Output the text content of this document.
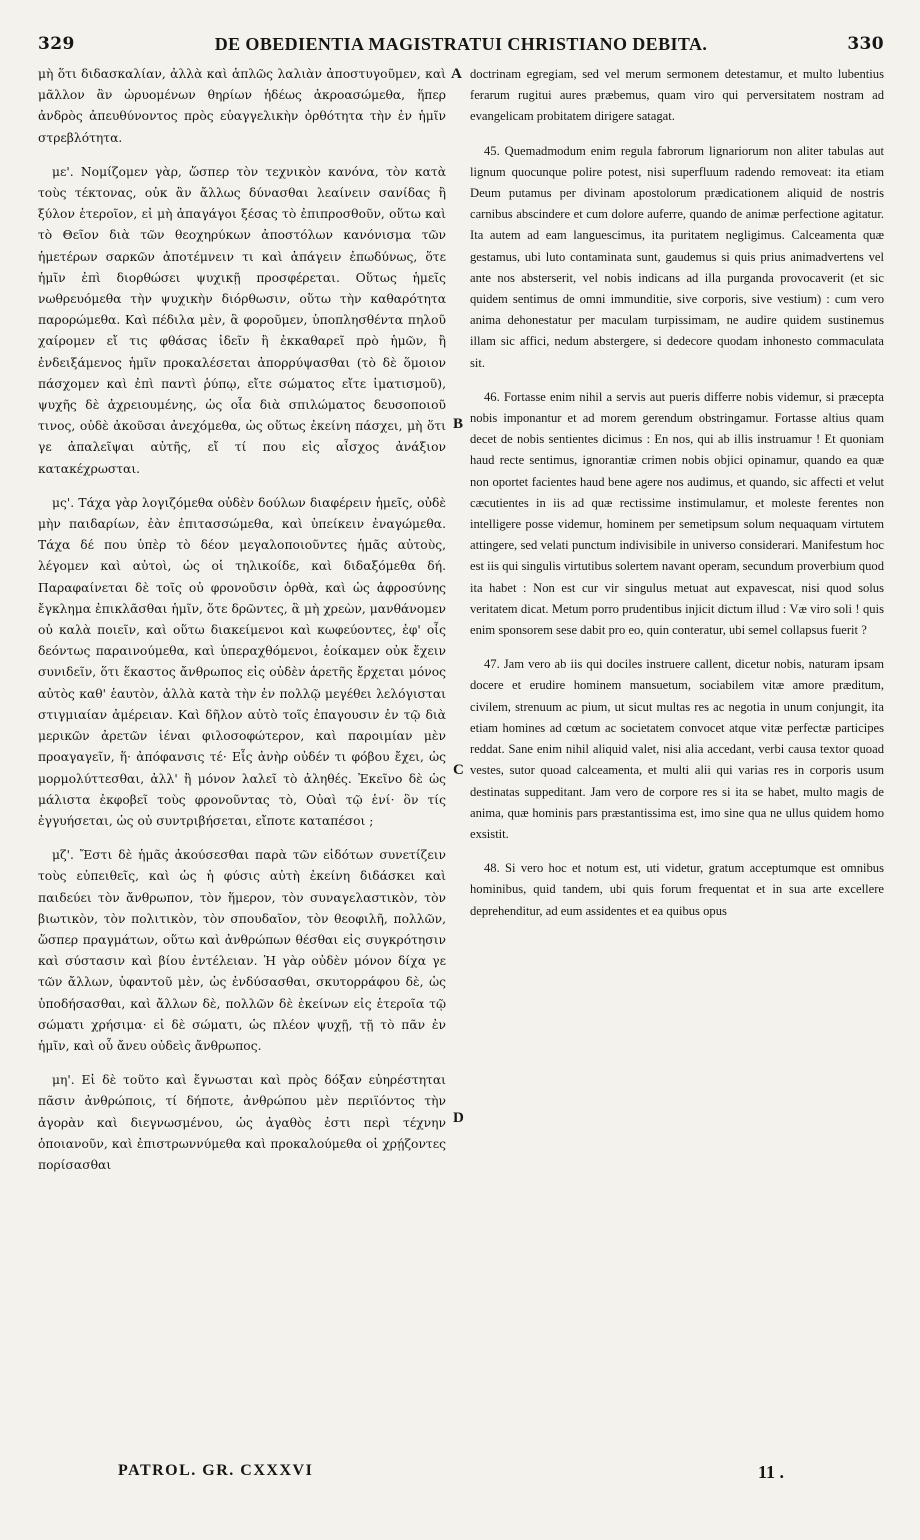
329	DE OBEDIENTIA MAGISTRATUI CHRISTIANO DEBITA.	330

μὴ ὅτι διδασκαλίαν, ἀλλὰ καὶ ἁπλῶς λαλιὰν ἀποστυγοῦμεν, καὶ μᾶλλον ἂν ὠρυομένων θηρίων ἡδέως ἀκροασώμεθα, ἥπερ ἀνδρὸς ἀπευθύνοντος πρὸς εὐαγγελικὴν ὀρθότητα τὴν ἐν ἡμῖν στρεβλότητα.

με'. Νομίζομεν γὰρ, ὥσπερ τὸν τεχνικὸν κανόνα, τὸν κατὰ τοὺς τέκτονας, οὐκ ἂν ἄλλως δύνασθαι λεαίνειν σανίδας ἢ ξύλον ἑτεροῖον, εἰ μὴ ἀπαγάγοι ξέσας τὸ ἐπιπροσθοῦν, οὕτω καὶ τὸ Θεῖον διὰ τῶν θεοχηρύκων ἀποστόλων κανόνισμα τῶν ἡμετέρων σαρκῶν ἀποτέμνειν τι καὶ ἀπάγειν ἐπωδύνως, ὅτε ἡμῖν ἐπὶ διορθώσει ψυχικῇ προσφέρεται. Οὕτως ἡμεῖς νωθρευόμεθα τὴν ψυχικὴν διόρθωσιν, οὕτω τὴν καθαρότητα παρορώμεθα. Καὶ πέδιλα μὲν, ἃ φοροῦμεν, ὑποπλησθέντα πηλοῦ χαίρομεν εἴ τις φθάσας ἰδεῖν ἢ ἐκκαθαρεῖ πρὸ ἡμῶν, ἢ ἐνδειξάμενος ἡμῖν προκαλέσεται ἀπορρύψασθαι (τὸ δὲ ὅμοιον πάσχομεν καὶ ἐπὶ παντὶ ῥύπῳ, εἴτε σώματος εἴτε ἱματισμοῦ), ψυχῆς δὲ ἀχρειουμένης, ὡς οἷα διὰ σπιλώματος δευσοποιοῦ τινος, οὐδὲ ἀκοῦσαι ἀνεχόμεθα, ὡς οὕτως ἐκείνη πάσχει, μὴ ὅτι γε ἀπαλεῖψαι αὐτῆς, εἴ τί που εἰς αἶσχος ἀνάξιον κατακέχρωσται.

μς'. Τάχα γὰρ λογιζόμεθα οὐδὲν δούλων διαφέρειν ἡμεῖς, οὐδὲ μὴν παιδαρίων, ἐὰν ἐπιτασσώμεθα, καὶ ὑπείκειν ἐναγώμεθα. Τάχα δέ που ὑπὲρ τὸ δέον μεγαλοποιοῦντες ἡμᾶς αὐτοὺς, λέγομεν καὶ αὐτοὶ, ὡς οἱ τηλικοίδε, καὶ διδαξόμεθα δή. Παραφαίνεται δὲ τοῖς οὐ φρονοῦσιν ὀρθὰ, καὶ ὡς ἀφροσύνης ἔγκλημα ἐπικλᾶσθαι ἡμῖν, ὅτε δρῶντες, ἃ μὴ χρεὼν, μανθάνομεν οὐ καλὰ ποιεῖν, καὶ οὕτω διακείμενοι καὶ κωφεύοντες, ἐφ' οἷς δεόντως παραινούμεθα, καὶ ὑπεραχθόμενοι, ἐοίκαμεν οὐκ ἔχειν συνιδεῖν, ὅτι ἕκαστος ἄνθρωπος εἰς οὐδὲν ἀρετῆς ἔρχεται μόνος αὐτὸς καθ' ἑαυτὸν, ἀλλὰ κατὰ τὴν ἐν πολλῷ μεγέθει λελόγισται στιγμιαίαν ἀμέρειαν. Καὶ δῆλον αὐτὸ τοῖς ἐπαγουσιν ἐν τῷ διὰ μερικῶν ἀρετῶν ἰέναι φιλοσοφώτερον, καὶ παροιμίαν μὲν προαγαγεῖν, ἥ· ἀπόφανσις τέ· Εἷς ἀνὴρ οὐδέν τι φόβου ἔχει, ὡς μορμολύττεσθαι, ἀλλ' ἢ μόνον λαλεῖ τὸ ἀληθές. Ἐκεῖνο δὲ ὡς μάλιστα ἐκφοβεῖ τοὺς φρονοῦντας τὸ, Οὐαὶ τῷ ἑνί· ὃν τίς ἐγγυήσεται, ὡς οὐ συντριβήσεται, εἴποτε καταπέσοι ;

μζ'. Ἔστι δὲ ἡμᾶς ἀκούσεσθαι παρὰ τῶν εἰδότων συνετίζειν τοὺς εὐπειθεῖς, καὶ ὡς ἡ φύσις αὐτὴ ἐκείνη διδάσκει καὶ παιδεύει τὸν ἄνθρωπον, τὸν ἥμερον, τὸν συναγελαστικὸν, τὸν βιωτικὸν, τὸν πολιτικὸν, τὸν σπουδαῖον, τὸν θεοφιλῆ, πολλῶν, ὥσπερ πραγμάτων, οὕτω καὶ ἀνθρώπων θέσθαι εἰς συγκρότησιν καὶ σύστασιν καὶ βίου ἐντέλειαν. Ἡ γὰρ οὐδὲν μόνον δίχα γε τῶν ἄλλων, ὑφαντοῦ μὲν, ὡς ἐνδύσασθαι, σκυτορράφου δὲ, ὡς ὑποδήσασθαι, καὶ ἄλλων δὲ, πολλῶν δὲ ἐκείνων εἰς ἑτεροῖα τῷ σώματι χρήσιμα· εἰ δὲ σώματι, ὡς πλέον ψυχῇ, τῇ τὸ πᾶν ἐν ἡμῖν, καὶ οὗ ἄνευ οὐδεὶς ἄνθρωπος.

μη'. Εἰ δὲ τοῦτο καὶ ἔγνωσται καὶ πρὸς δόξαν εὐηρέστηται πᾶσιν ἀνθρώποις, τί δήποτε, ἀνθρώπου μὲν περιϊόντος τὴν ἀγορὰν καὶ διεγνωσμένου, ὡς ἀγαθὸς ἐστι περὶ τέχνην ὁποιανοῦν, καὶ ἐπιστρωννύμεθα καὶ προκαλούμεθα οἱ χρῄζοντες πορίσασθαι

A
B
C
D

doctrinam egregiam, sed vel merum sermonem detestamur, et multo lubentius ferarum rugitui aures præbemus, quam viro qui perversitatem nostram ad evangelicam probitatem dirigere satagat.

45. Quemadmodum enim regula fabrorum lignariorum non aliter tabulas aut lignum quocunque polire potest, nisi superfluum radendo removeat: ita etiam Deum putamus per divinam apostolorum prædicationem aliquid de nostris carnibus abscindere et cum dolore auferre, quando de animæ perfectione agitatur. Ita autem ad eam languescimus, ita puritatem negligimus. Calceamenta quæ gestamus, ubi luto contaminata sunt, gaudemus si quis prius animadvertens vel ante nos absterserit, vel nobis indicans ad illa purganda provocaverit (et sic quidem sentimus de omni immunditie, sive corporis, sive vestium) : cum vero anima dehonestatur per maculam turpissimam, ne audire quidem sustinemus illam sic affici, nedum abstergere, si dedecore quodam inhonesto commaculata sit.

46. Fortasse enim nihil a servis aut pueris differre nobis videmur, si præcepta nobis imponantur et ad morem gerendum obstringamur. Fortasse altius quam decet de nobis sentientes dicimus : En nos, qui ab illis instruamur ! Et quoniam haud recte sentimus, ignorantiæ crimen nobis objici opinamur, quando ea quæ non oportet facientes haud bene agere nos audimus, et quando, sic affecti et velut cæcutientes in iis ad quæ rectissime instimulamur, et moleste ferentes non intelligere posse videmur, hominem per semetipsum solum nequaquam virtutem attingere, sed velati punctum indivisibile in universo considerari. Manifestum hoc est iis qui singulis virtutibus solertem navant operam, secundum proverbium quod ita habet : Non est cur vir singulus metuat aut expavescat, nisi quod solus veritatem dicat. Metum porro prudentibus injicit dictum illud : Væ viro soli ! quis enim sponsorem sese dabit pro eo, quin conteratur, ubi semel collapsus fuerit ?

47. Jam vero ab iis qui dociles instruere callent, dicetur nobis, naturam ipsam docere et erudire hominem mansuetum, sociabilem vitæ amore præditum, civilem, strenuum ac pium, ut sicut multas res ac negotia in unum conjungit, ita etiam homines ad cœtum ac societatem convocet atque vitæ perfectæ participes reddat. Sane enim nihil aliquid valet, nisi alia accedant, verbi causa textor quoad vestes, sutor quoad calceamenta, et multi alii qui varias res in corporis usum destinatas suppeditant. Jam vero de corpore res si ita se habet, multo magis de anima, quæ hominis pars præstantissima est, imo sine qua ne ullus quidem homo exsistit.

48. Si vero hoc et notum est, uti videtur, gratum acceptumque est omnibus hominibus, quid tandem, ubi quis forum frequentat et in sua arte excellere deprehenditur, ad eum assidentes et ea quibus opus

PATROL. GR. CXXXVI	11 .
